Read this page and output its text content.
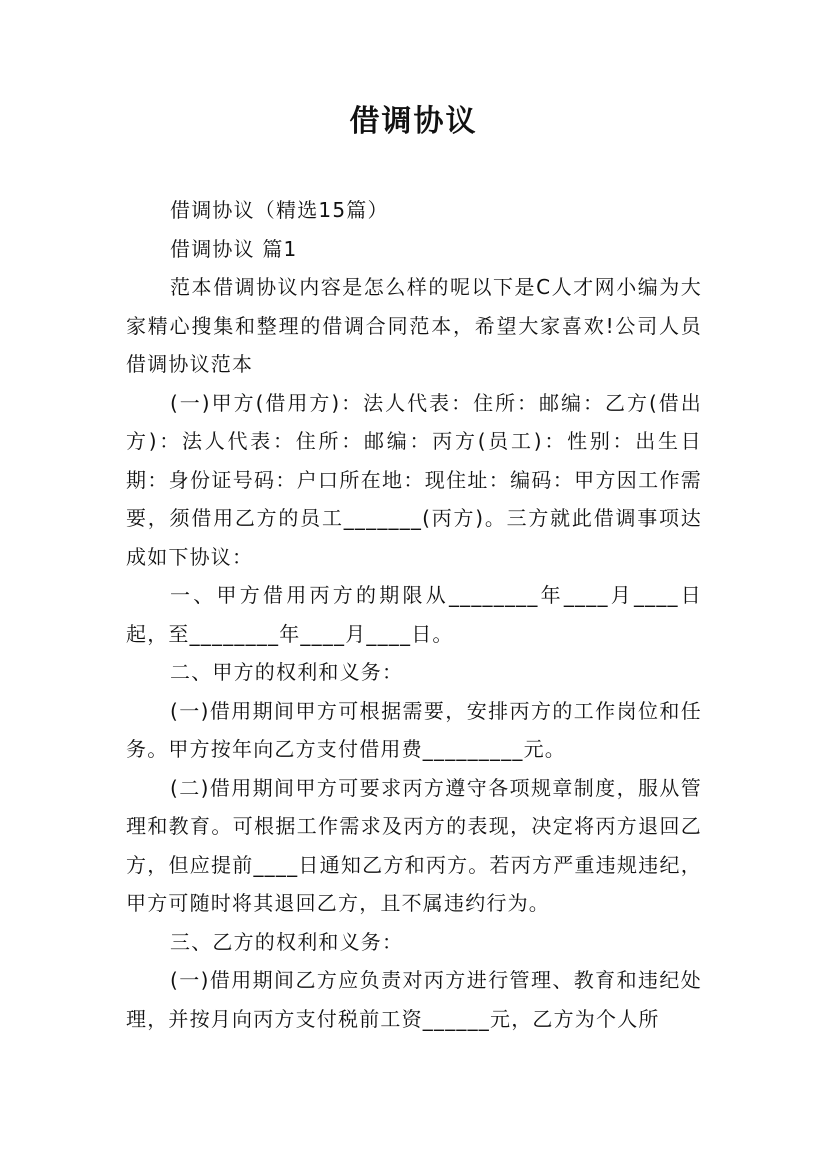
借调协议

借调协议（精选15篇）

借调协议 篇1

范本借调协议内容是怎么样的呢以下是C人才网小编为大家精心搜集和整理的借调合同范本，希望大家喜欢!公司人员借调协议范本

(一)甲方(借用方)：法人代表：住所：邮编：乙方(借出方)：法人代表：住所：邮编：丙方(员工)：性别：出生日期：身份证号码：户口所在地：现住址：编码：甲方因工作需要，须借用乙方的员工_______(丙方)。三方就此借调事项达成如下协议：

一、甲方借用丙方的期限从________年____月____日起，至________年____月____日。

二、甲方的权利和义务：

(一)借用期间甲方可根据需要，安排丙方的工作岗位和任务。甲方按年向乙方支付借用费_________元。

(二)借用期间甲方可要求丙方遵守各项规章制度，服从管理和教育。可根据工作需求及丙方的表现，决定将丙方退回乙方，但应提前____日通知乙方和丙方。若丙方严重违规违纪，甲方可随时将其退回乙方，且不属违约行为。

三、乙方的权利和义务：

(一)借用期间乙方应负责对丙方进行管理、教育和违纪处理，并按月向丙方支付税前工资______元，乙方为个人所
